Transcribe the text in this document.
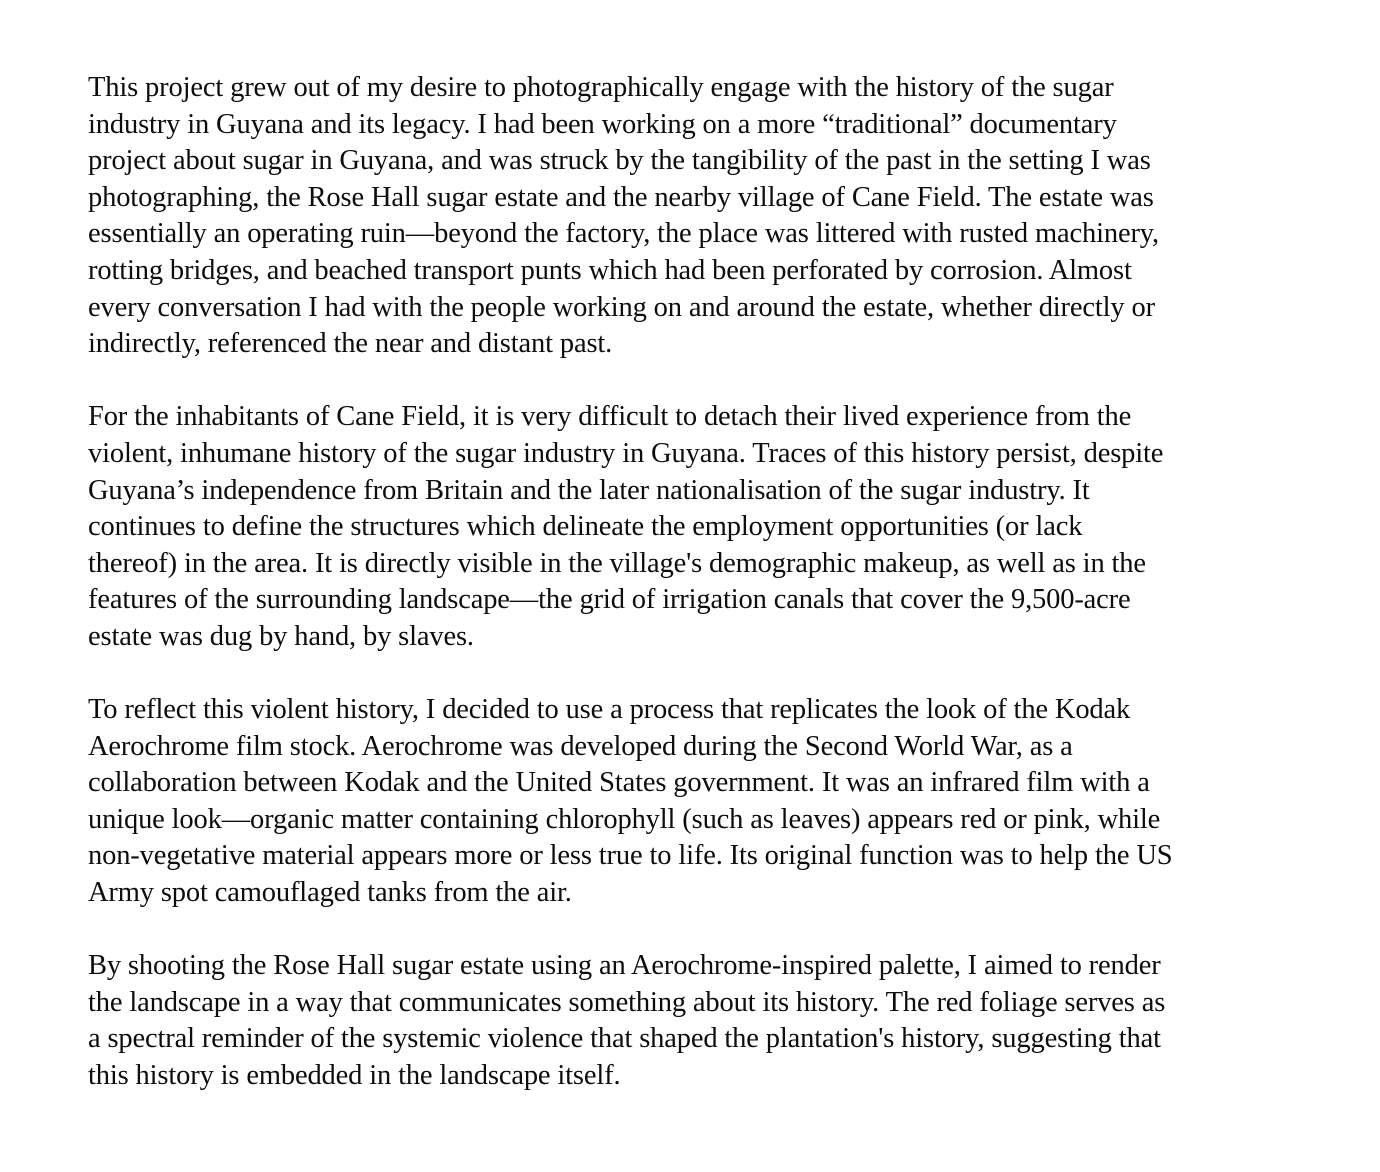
This project grew out of my desire to photographically engage with the history of the sugar
industry in Guyana and its legacy. I had been working on a more “traditional” documentary
project about sugar in Guyana, and was struck by the tangibility of the past in the setting I was
photographing, the Rose Hall sugar estate and the nearby village of Cane Field. The estate was
essentially an operating ruin—beyond the factory, the place was littered with rusted machinery,
rotting bridges, and beached transport punts which had been perforated by corrosion. Almost
every conversation I had with the people working on and around the estate, whether directly or
indirectly, referenced the near and distant past.

For the inhabitants of Cane Field, it is very difficult to detach their lived experience from the
violent, inhumane history of the sugar industry in Guyana. Traces of this history persist, despite
Guyana’s independence from Britain and the later nationalisation of the sugar industry. It
continues to define the structures which delineate the employment opportunities (or lack
thereof) in the area. It is directly visible in the village's demographic makeup, as well as in the
features of the surrounding landscape—the grid of irrigation canals that cover the 9,500-acre
estate was dug by hand, by slaves.

To reflect this violent history, I decided to use a process that replicates the look of the Kodak
Aerochrome film stock. Aerochrome was developed during the Second World War, as a
collaboration between Kodak and the United States government. It was an infrared film with a
unique look—organic matter containing chlorophyll (such as leaves) appears red or pink, while
non-vegetative material appears more or less true to life. Its original function was to help the US
Army spot camouflaged tanks from the air.

By shooting the Rose Hall sugar estate using an Aerochrome-inspired palette, I aimed to render
the landscape in a way that communicates something about its history. The red foliage serves as
a spectral reminder of the systemic violence that shaped the plantation's history, suggesting that
this history is embedded in the landscape itself.
